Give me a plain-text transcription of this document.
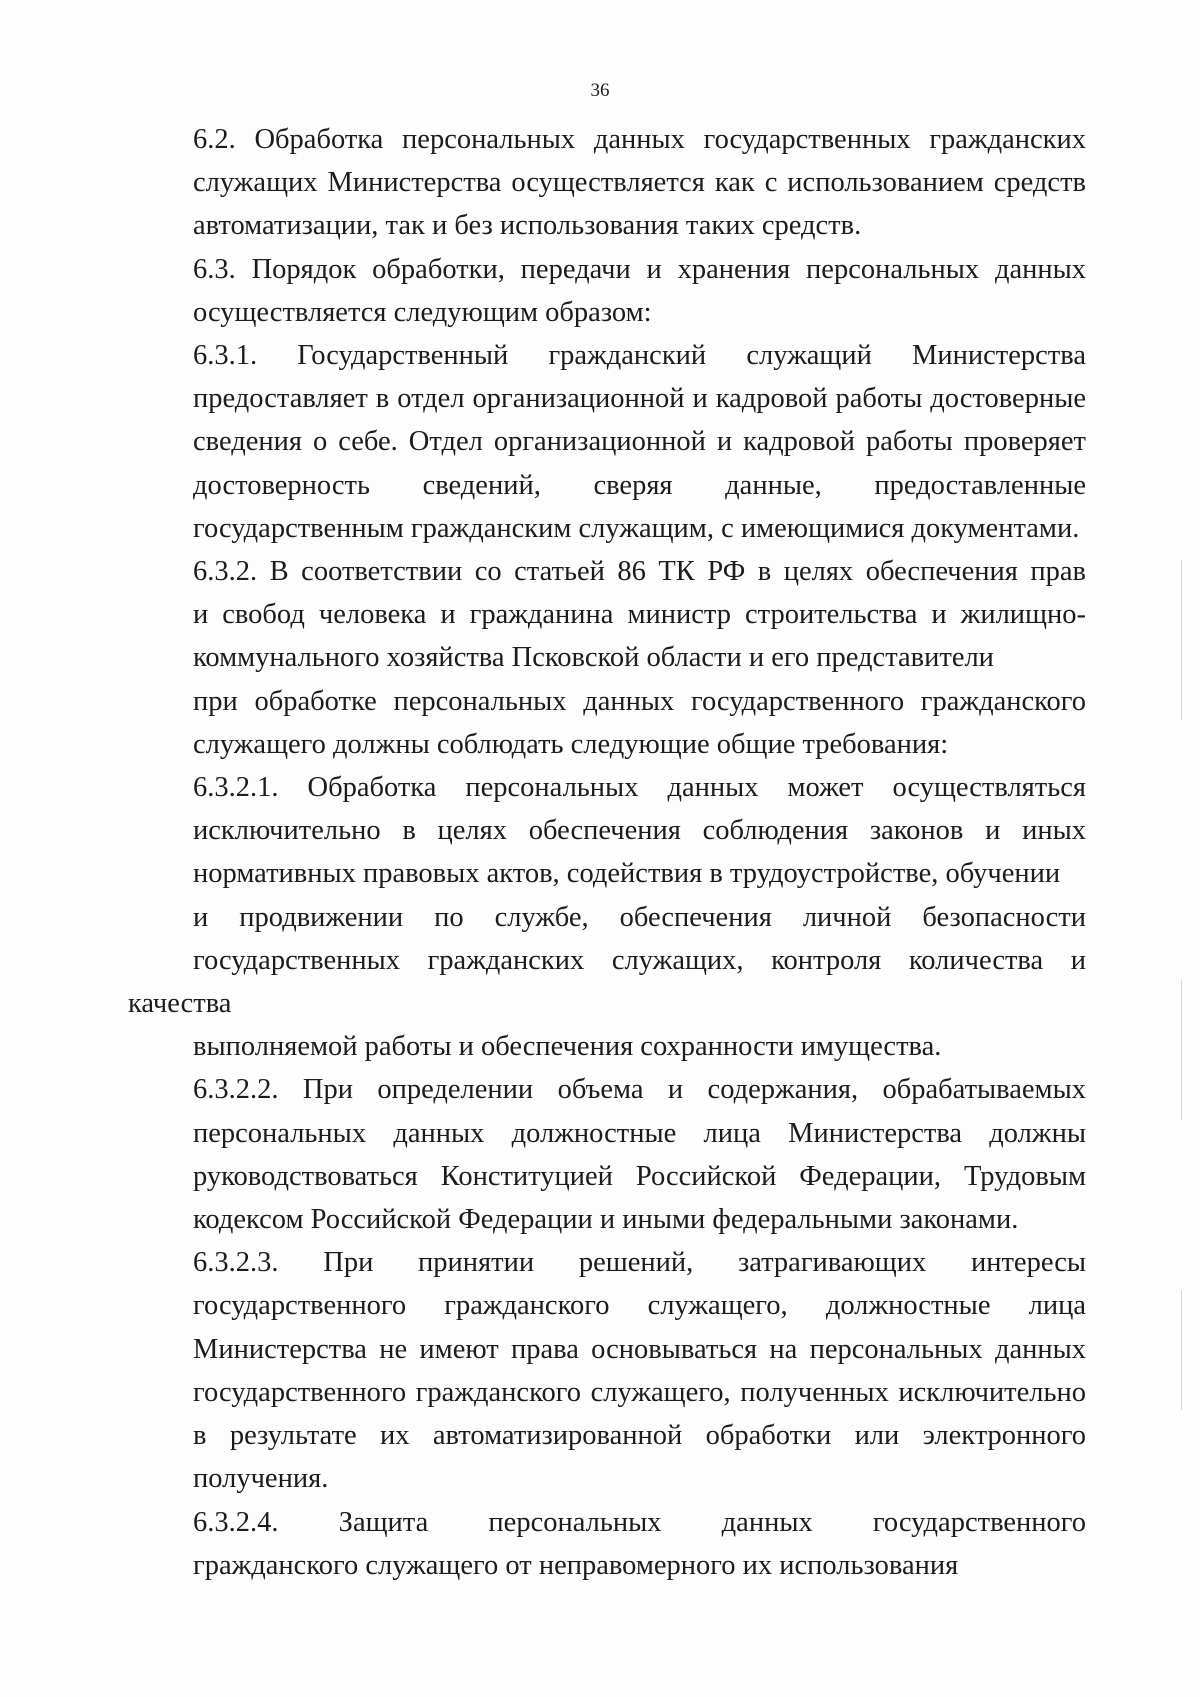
36

6.2. Обработка персональных данных государственных гражданских
служащих Министерства осуществляется как с использованием средств
автоматизации, так и без использования таких средств.

6.3. Порядок обработки, передачи и хранения персональных данных
осуществляется следующим образом:

6.3.1. Государственный гражданский служащий Министерства
предоставляет в отдел организационной и кадровой работы достоверные
сведения о себе. Отдел организационной и кадровой работы проверяет
достоверность сведений, сверяя данные, предоставленные
государственным гражданским служащим, с имеющимися документами.

6.3.2. В соответствии со статьей 86 ТК РФ в целях обеспечения прав
и свобод человека и гражданина министр строительства и жилищно-
коммунального хозяйства Псковской области и его представители
при обработке персональных данных государственного гражданского
служащего должны соблюдать следующие общие требования:

6.3.2.1. Обработка персональных данных может осуществляться
исключительно в целях обеспечения соблюдения законов и иных
нормативных правовых актов, содействия в трудоустройстве, обучении
и продвижении по службе, обеспечения личной безопасности
государственных гражданских служащих, контроля количества и качества
выполняемой работы и обеспечения сохранности имущества.

6.3.2.2. При определении объема и содержания, обрабатываемых
персональных данных должностные лица Министерства должны
руководствоваться Конституцией Российской Федерации, Трудовым
кодексом Российской Федерации и иными федеральными законами.

6.3.2.3. При принятии решений, затрагивающих интересы
государственного гражданского служащего, должностные лица
Министерства не имеют права основываться на персональных данных
государственного гражданского служащего, полученных исключительно
в результате их автоматизированной обработки или электронного
получения.

6.3.2.4. Защита персональных данных государственного
гражданского служащего от неправомерного их использования
